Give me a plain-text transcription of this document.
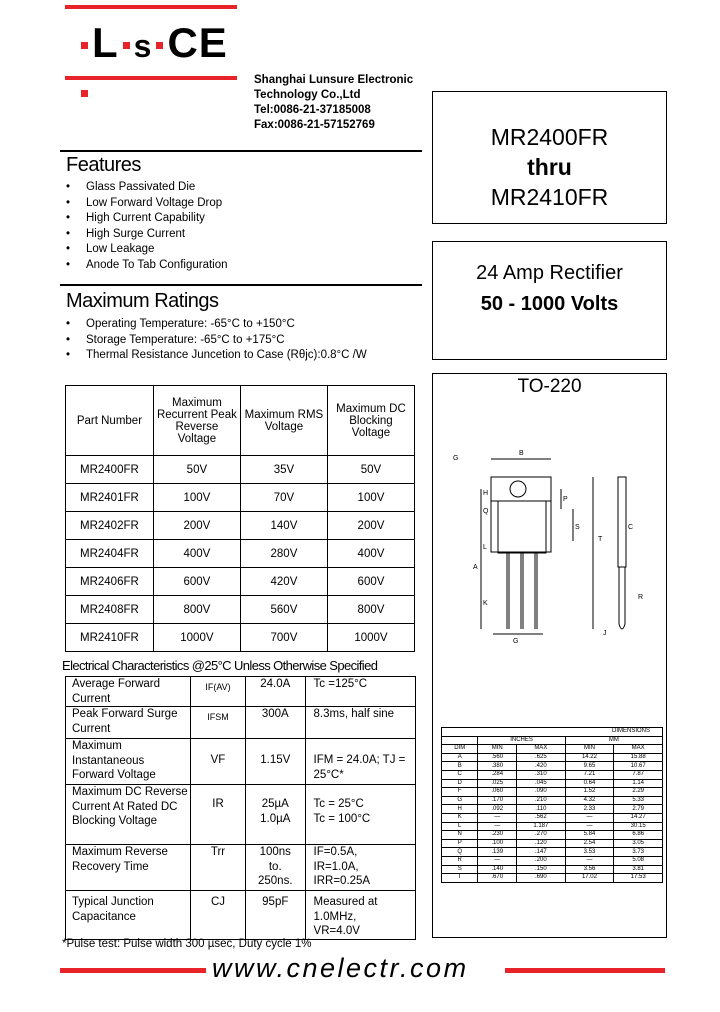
L s CE
Shanghai Lunsure Electronic
Technology Co.,Ltd
Tel:0086-21-37185008
Fax:0086-21-57152769	MR2400FR
thru
MR2410FR
24 Amp Rectifier
50 - 1000 Volts
Features
• Glass Passivated Die
• Low Forward Voltage Drop
• High Current Capability
• High Surge Current
• Low Leakage
• Anode To Tab Configuration
Maximum Ratings
• Operating Temperature: -65°C to +150°C
• Storage Temperature: -65°C to +175°C
• Thermal Resistance Juncetion to Case (Rθjc):0.8°C /W
Part Number	Maximum Recurrent Peak Reverse Voltage	Maximum RMS Voltage	Maximum DC Blocking Voltage
MR2400FR	50V	35V	50V
MR2401FR	100V	70V	100V
MR2402FR	200V	140V	200V
MR2404FR	400V	280V	400V
MR2406FR	600V	420V	600V
MR2408FR	800V	560V	800V
MR2410FR	1000V	700V	1000V
Electrical Characteristics @25°C Unless Otherwise Specified
Average Forward Current	IF(AV)	24.0A	Tc =125°C
Peak Forward Surge Current	IFSM	300A	8.3ms, half sine
Maximum Instantaneous Forward Voltage	VF	1.15V	IFM = 24.0A; TJ = 25°C*
Maximum DC Reverse Current At Rated DC Blocking Voltage	IR	25µA 1.0µA	Tc = 25°C Tc = 100°C
Maximum Reverse Recovery Time	Trr	100ns to. 250ns.	IF=0.5A, IR=1.0A, IRR=0.25A
Typical Junction Capacitance	CJ	95pF	Measured at 1.0MHz, VR=4.0V
*Pulse test: Pulse width 300 µsec, Duty cycle 1%
TO-220
B
A
P
S
H
Q
G
T
C
K
L
G
J
R
DIMENSIONS				
	INCHES		MM	
DIM	MIN	MAX	MIN	MAX
A	.560	.625	14.22	15.88
B	.380	.420	9.65	10.67
C	.284	.310	7.21	7.87
D	.025	.045	0.64	1.14
F	.060	.090	1.52	2.29
G	.170	.210	4.32	5.33
H	.092	.110	2.33	2.79
K	—	.562	—	14.27
L	—	1.187	—	30.15
N	.230	.270	5.84	6.86
P	.100	.120	2.54	3.05
Q	.139	.147	3.53	3.73
R	—	.200	—	5.08
S	.140	.150	3.56	3.81
T	.670	.690	17.02	17.53
www.cnelectr.com
